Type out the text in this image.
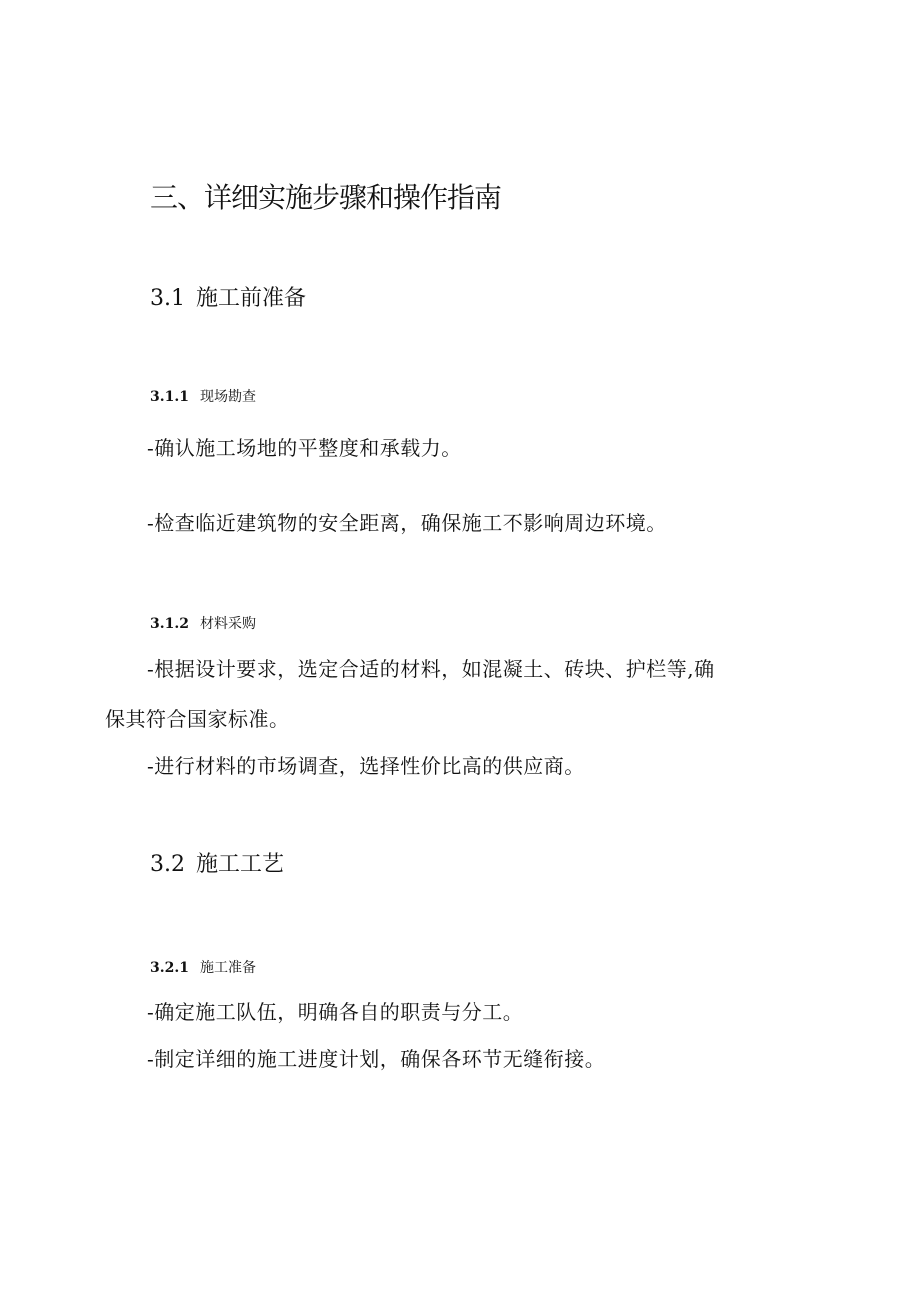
三、详细实施步骤和操作指南
3.1 施工前准备
3.1.1 现场勘查

-确认施工场地的平整度和承载力。

-检查临近建筑物的安全距离，确保施工不影响周边环境。

3.1.2 材料采购

-根据设计要求，选定合适的材料，如混凝土、砖块、护栏等,确

保其符合国家标准。

-进行材料的市场调查，选择性价比高的供应商。

3.2 施工工艺
3.2.1 施工准备

-确定施工队伍，明确各自的职责与分工。

-制定详细的施工进度计划，确保各环节无缝衔接。
